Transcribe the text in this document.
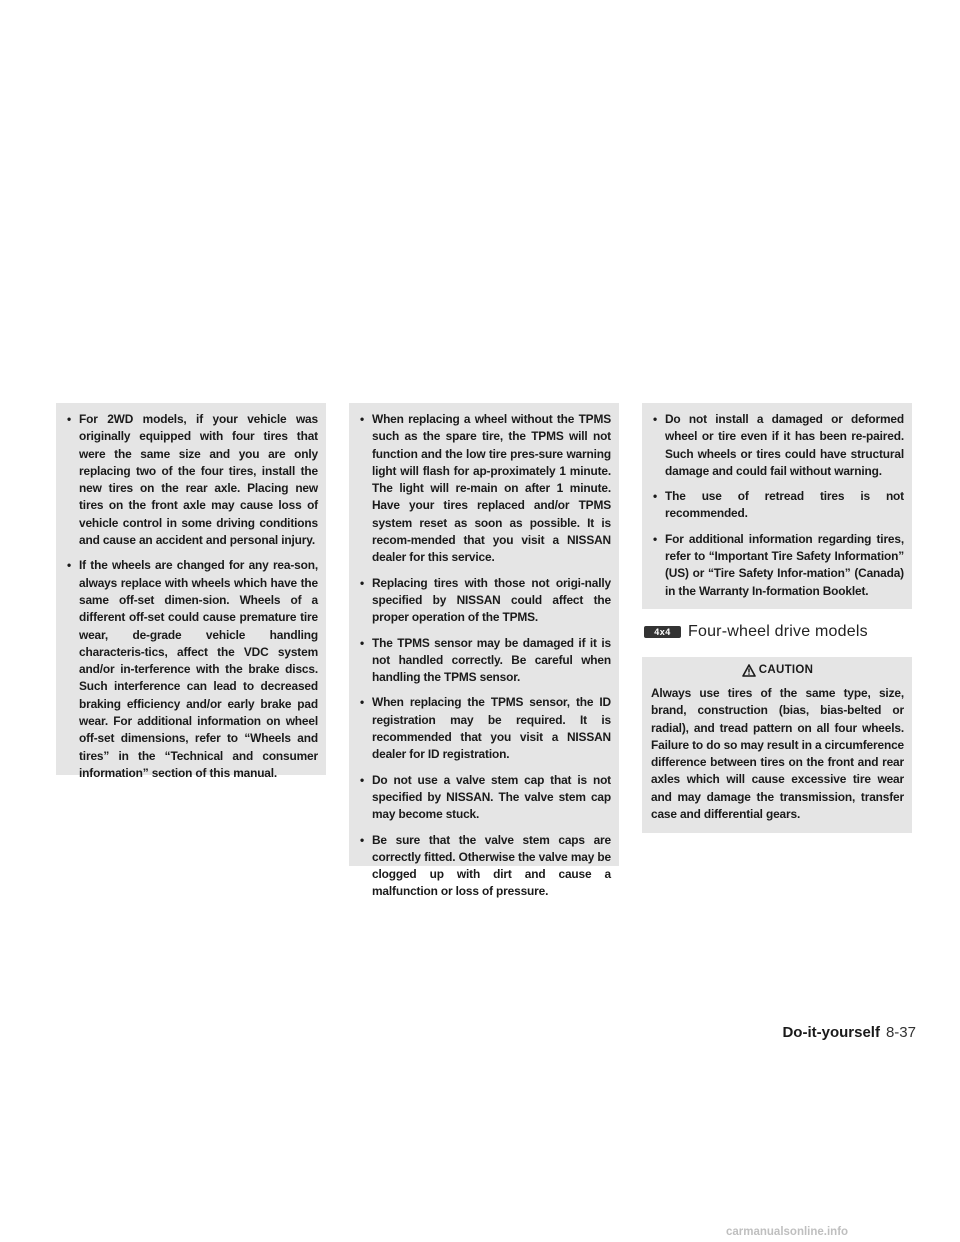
• For 2WD models, if your vehicle was originally equipped with four tires that were the same size and you are only replacing two of the four tires, install the new tires on the rear axle. Placing new tires on the front axle may cause loss of vehicle control in some driving conditions and cause an accident and personal injury.
• If the wheels are changed for any rea-son, always replace with wheels which have the same off-set dimen-sion. Wheels of a different off-set could cause premature tire wear, de-grade vehicle handling characteris-tics, affect the VDC system and/or in-terference with the brake discs. Such interference can lead to decreased braking efficiency and/or early brake pad wear. For additional information on wheel off-set dimensions, refer to “Wheels and tires” in the “Technical and consumer information” section of this manual.
• When replacing a wheel without the TPMS such as the spare tire, the TPMS will not function and the low tire pres-sure warning light will flash for ap-proximately 1 minute. The light will re-main on after 1 minute. Have your tires replaced and/or TPMS system reset as soon as possible. It is recom-mended that you visit a NISSAN dealer for this service.
• Replacing tires with those not origi-nally specified by NISSAN could affect the proper operation of the TPMS.
• The TPMS sensor may be damaged if it is not handled correctly. Be careful when handling the TPMS sensor.
• When replacing the TPMS sensor, the ID registration may be required. It is recommended that you visit a NISSAN dealer for ID registration.
• Do not use a valve stem cap that is not specified by NISSAN. The valve stem cap may become stuck.
• Be sure that the valve stem caps are correctly fitted. Otherwise the valve may be clogged up with dirt and cause a malfunction or loss of pressure.
• Do not install a damaged or deformed wheel or tire even if it has been re-paired. Such wheels or tires could have structural damage and could fail without warning.
• The use of retread tires is not recommended.
• For additional information regarding tires, refer to “Important Tire Safety Information” (US) or “Tire Safety Infor-mation” (Canada) in the Warranty In-formation Booklet.
4x4	Four-wheel drive models
CAUTION

Always use tires of the same type, size, brand, construction (bias, bias-belted or radial), and tread pattern on all four wheels. Failure to do so may result in a circumference difference between tires on the front and rear axles which will cause excessive tire wear and may damage the transmission, transfer case and differential gears.

Do-it-yourself 8-37
carmanualsonline.info
